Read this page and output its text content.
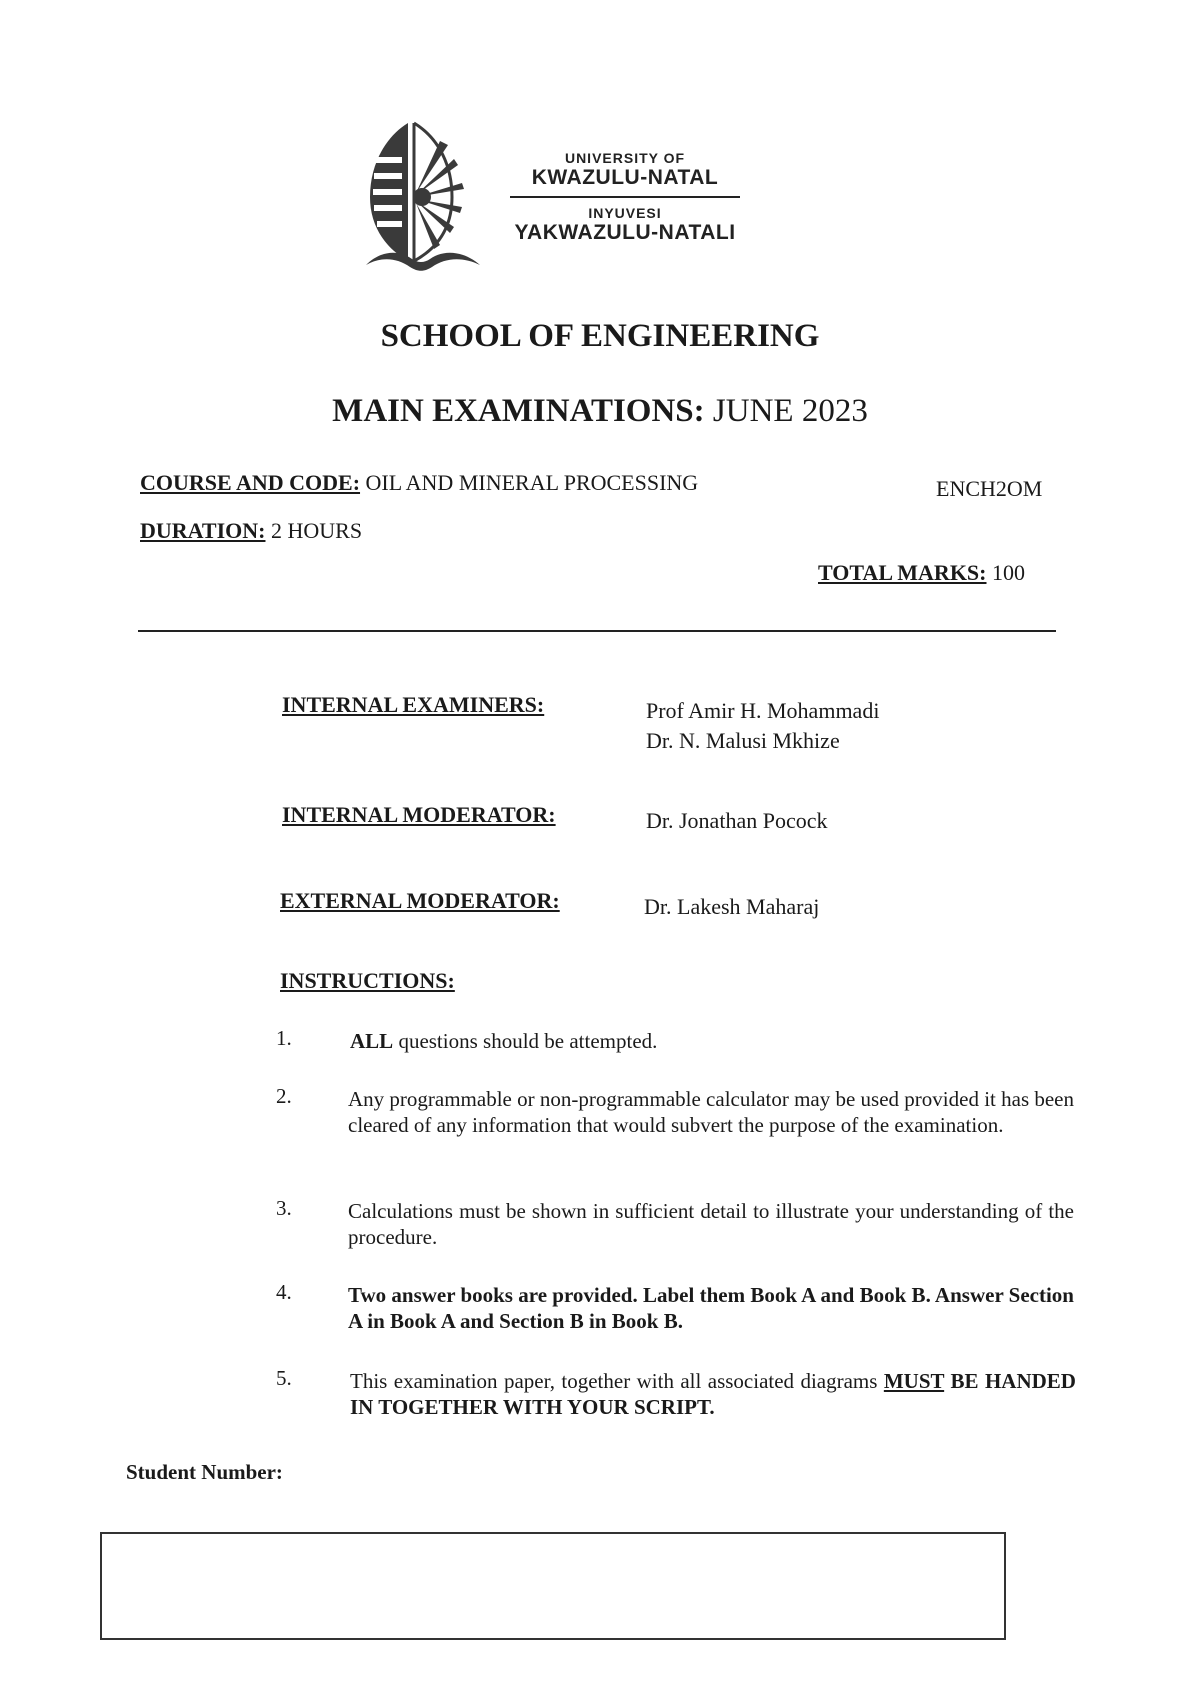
UNIVERSITY OF
KWAZULU-NATAL
INYUVESI
YAKWAZULU-NATALI
SCHOOL OF ENGINEERING
MAIN EXAMINATIONS: JUNE 2023
COURSE AND CODE: OIL AND MINERAL PROCESSING	ENCH2OM
DURATION: 2 HOURS
TOTAL MARKS: 100
INTERNAL EXAMINERS:	Prof Amir H. Mohammadi
Dr. N. Malusi Mkhize
INTERNAL MODERATOR:	Dr. Jonathan Pocock
EXTERNAL MODERATOR:	Dr. Lakesh Maharaj
INSTRUCTIONS:
1.	ALL questions should be attempted.
2.	Any programmable or non-programmable calculator may be used provided it has been cleared of any information that would subvert the purpose of the examination.
3.	Calculations must be shown in sufficient detail to illustrate your understanding of the procedure.
4.	Two answer books are provided. Label them Book A and Book B. Answer Section A in Book A and Section B in Book B.
5.	This examination paper, together with all associated diagrams MUST BE HANDED IN TOGETHER WITH YOUR SCRIPT.
Student Number:
